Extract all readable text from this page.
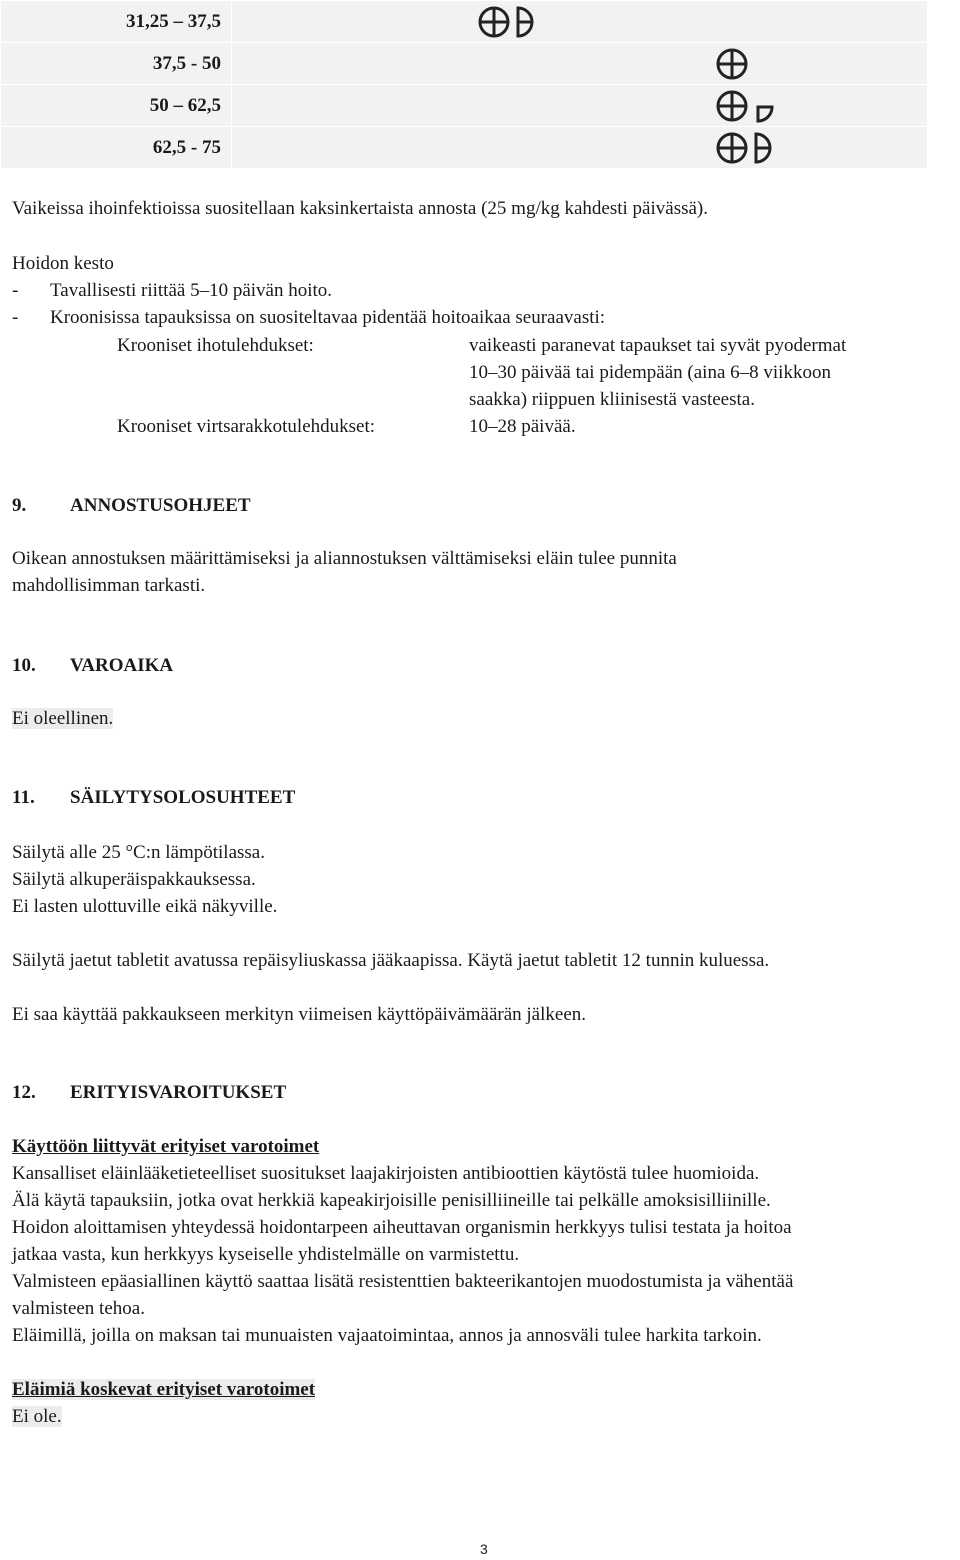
31,25 – 37,5	

37,5 - 50	

50 – 62,5	

62,5 - 75	
Vaikeissa ihoinfektioissa suositellaan kaksinkertaista annosta (25 mg/kg kahdesti päivässä).
Hoidon kesto
- Tavallisesti riittää 5–10 päivän hoito.
- Kroonisissa tapauksissa on suositeltavaa pidentää hoitoaikaa seuraavasti:
Krooniset ihotulehdukset:	vaikeasti paranevat tapaukset tai syvät pyodermat
10–30 päivää tai pidempään (aina 6–8 viikkoon
saakka) riippuen kliinisestä vasteesta.
Krooniset virtsarakkotulehdukset:	10–28 päivää.
9. ANNOSTUSOHJEET
Oikean annostuksen määrittämiseksi ja aliannostuksen välttämiseksi eläin tulee punnita
mahdollisimman tarkasti.
10. VAROAIKA
Ei oleellinen.
11. SÄILYTYSOLOSUHTEET
Säilytä alle 25 °C:n lämpötilassa.
Säilytä alkuperäispakkauksessa.
Ei lasten ulottuville eikä näkyville.
Säilytä jaetut tabletit avatussa repäisyliuskassa jääkaapissa. Käytä jaetut tabletit 12 tunnin kuluessa.
Ei saa käyttää pakkaukseen merkityn viimeisen käyttöpäivämäärän jälkeen.
12. ERITYISVAROITUKSET
Käyttöön liittyvät erityiset varotoimet
Kansalliset eläinlääketieteelliset suositukset laajakirjoisten antibioottien käytöstä tulee huomioida.
Älä käytä tapauksiin, jotka ovat herkkiä kapeakirjoisille penisilliineille tai pelkälle amoksisilliinille.
Hoidon aloittamisen yhteydessä hoidontarpeen aiheuttavan organismin herkkyys tulisi testata ja hoitoa
jatkaa vasta, kun herkkyys kyseiselle yhdistelmälle on varmistettu.
Valmisteen epäasiallinen käyttö saattaa lisätä resistenttien bakteerikantojen muodostumista ja vähentää
valmisteen tehoa.
Eläimillä, joilla on maksan tai munuaisten vajaatoimintaa, annos ja annosväli tulee harkita tarkoin.
Eläimiä koskevat erityiset varotoimet
Ei ole.
3
